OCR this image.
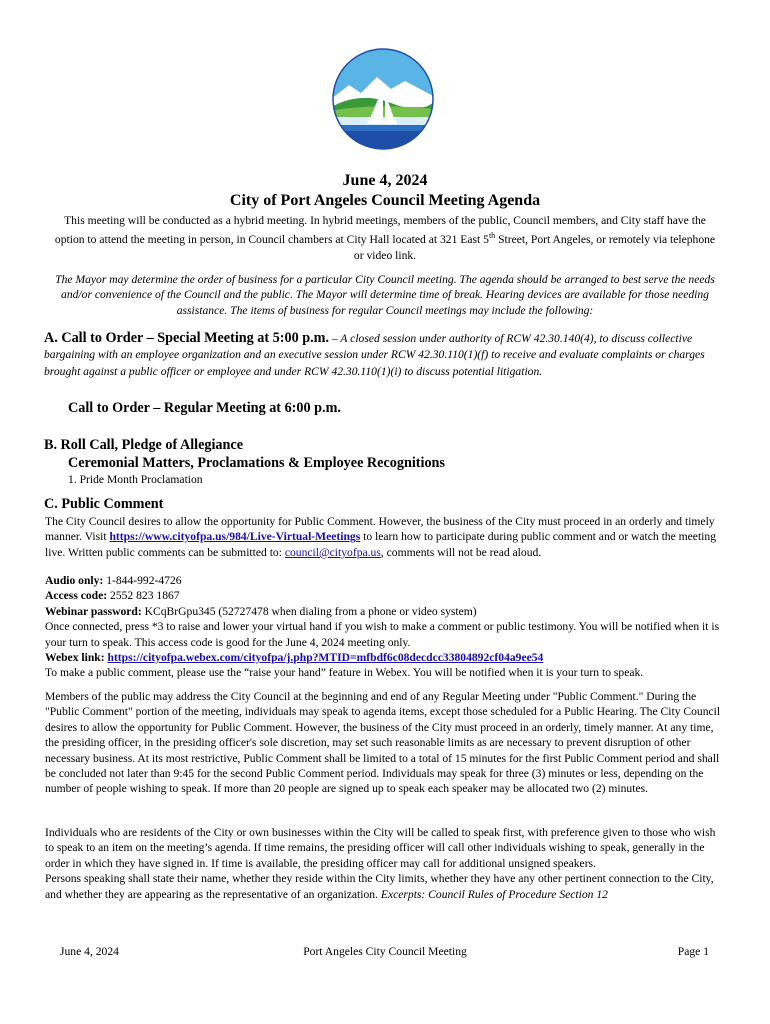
June 4, 2024
City of Port Angeles Council Meeting Agenda
This meeting will be conducted as a hybrid meeting. In hybrid meetings, members of the public, Council members, and City staff have the option to attend the meeting in person, in Council chambers at City Hall located at 321 East 5th Street, Port Angeles, or remotely via telephone or video link.
The Mayor may determine the order of business for a particular City Council meeting. The agenda should be arranged to best serve the needs and/or convenience of the Council and the public. The Mayor will determine time of break. Hearing devices are available for those needing assistance. The items of business for regular Council meetings may include the following:
A. Call to Order – Special Meeting at 5:00 p.m. – A closed session under authority of RCW 42.30.140(4), to discuss collective bargaining with an employee organization and an executive session under RCW 42.30.110(1)(f) to receive and evaluate complaints or charges brought against a public officer or employee and under RCW 42.30.110(1)(i) to discuss potential litigation.
Call to Order – Regular Meeting at 6:00 p.m.
B. Roll Call, Pledge of Allegiance
Ceremonial Matters, Proclamations & Employee Recognitions
1. Pride Month Proclamation
C. Public Comment
The City Council desires to allow the opportunity for Public Comment. However, the business of the City must proceed in an orderly and timely manner. Visit https://www.cityofpa.us/984/Live-Virtual-Meetings to learn how to participate during public comment and or watch the meeting live. Written public comments can be submitted to: council@cityofpa.us, comments will not be read aloud.
Audio only: 1-844-992-4726
Access code: 2552 823 1867
Webinar password: KCqBrGpu345 (52727478 when dialing from a phone or video system)
Once connected, press *3 to raise and lower your virtual hand if you wish to make a comment or public testimony. You will be notified when it is your turn to speak. This access code is good for the June 4, 2024 meeting only.
Webex link: https://cityofpa.webex.com/cityofpa/j.php?MTID=mfbdf6c08decdcc33804892cf04a9ee54
To make a public comment, please use the “raise your hand” feature in Webex. You will be notified when it is your turn to speak.
Members of the public may address the City Council at the beginning and end of any Regular Meeting under "Public Comment." During the "Public Comment" portion of the meeting, individuals may speak to agenda items, except those scheduled for a Public Hearing. The City Council desires to allow the opportunity for Public Comment. However, the business of the City must proceed in an orderly, timely manner. At any time, the presiding officer, in the presiding officer's sole discretion, may set such reasonable limits as are necessary to prevent disruption of other necessary business. At its most restrictive, Public Comment shall be limited to a total of 15 minutes for the first Public Comment period and shall be concluded not later than 9:45 for the second Public Comment period. Individuals may speak for three (3) minutes or less, depending on the number of people wishing to speak. If more than 20 people are signed up to speak each speaker may be allocated two (2) minutes.
Individuals who are residents of the City or own businesses within the City will be called to speak first, with preference given to those who wish to speak to an item on the meeting’s agenda. If time remains, the presiding officer will call other individuals wishing to speak, generally in the order in which they have signed in. If time is available, the presiding officer may call for additional unsigned speakers.
Persons speaking shall state their name, whether they reside within the City limits, whether they have any other pertinent connection to the City, and whether they are appearing as the representative of an organization. Excerpts: Council Rules of Procedure Section 12
June 4, 2024	Port Angeles City Council Meeting	Page 1
